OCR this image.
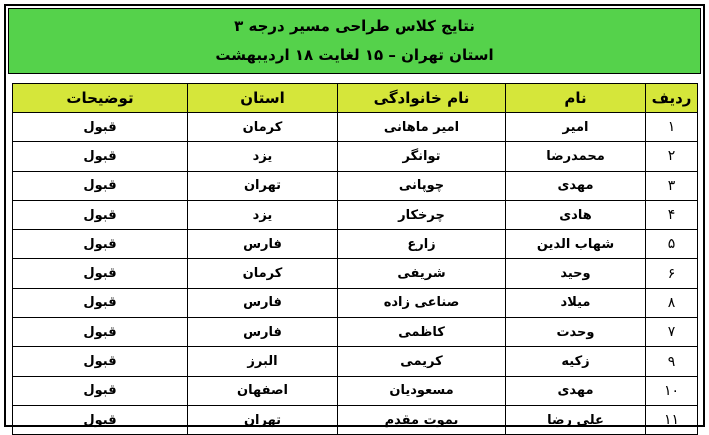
نتایج کلاس طراحی مسیر درجه ۳
استان تهران – ۱۵ لغایت ۱۸ اردیبهشت
ردیف	نام	نام خانوادگی	استان	توضیحات
۱	امیر	امیر ماهانی	کرمان	قبول
۲	محمدرضا	توانگر	یزد	قبول
۳	مهدی	چوپانی	تهران	قبول
۴	هادی	چرخکار	یزد	قبول
۵	شهاب الدین	زارع	فارس	قبول
۶	وحید	شریفی	کرمان	قبول
۸	میلاد	صناعی زاده	فارس	قبول
۷	وحدت	کاظمی	فارس	قبول
۹	زکیه	کریمی	البرز	قبول
۱۰	مهدی	مسعودیان	اصفهان	قبول
۱۱	علی رضا	یموت مقدم	تهران	قبول
